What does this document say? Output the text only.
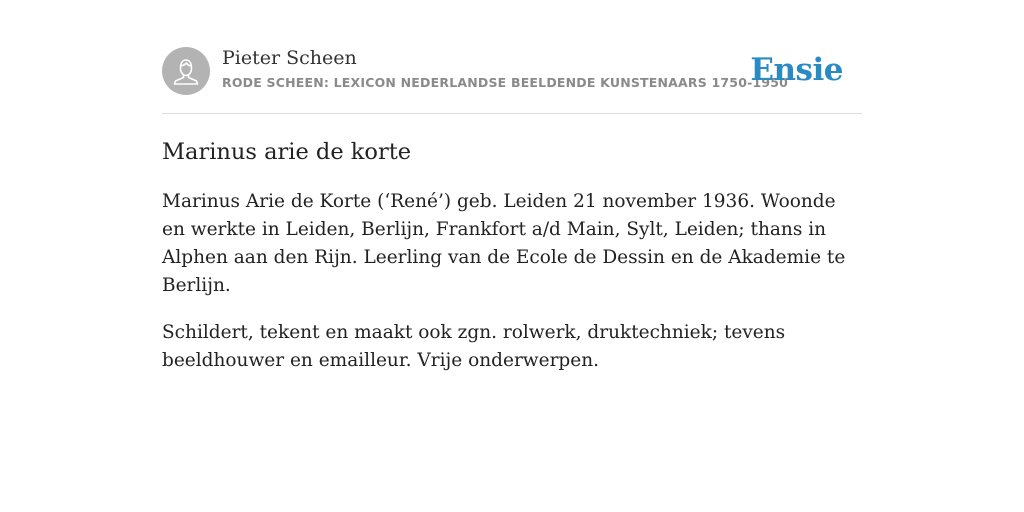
Pieter Scheen
RODE SCHEEN: LEXICON NEDERLANDSE BEELDENDE KUNSTENAARS 1750-1950
Ensie
Marinus arie de korte

Marinus Arie de Korte (‘René’) geb. Leiden 21 november 1936. Woonde en werkte in Leiden, Berlijn, Frankfort a/d Main, Sylt, Leiden; thans in Alphen aan den Rijn. Leerling van de Ecole de Dessin en de Akademie te Berlijn.

Schildert, tekent en maakt ook zgn. rolwerk, druktechniek; tevens beeldhouwer en emailleur. Vrije onderwerpen.
